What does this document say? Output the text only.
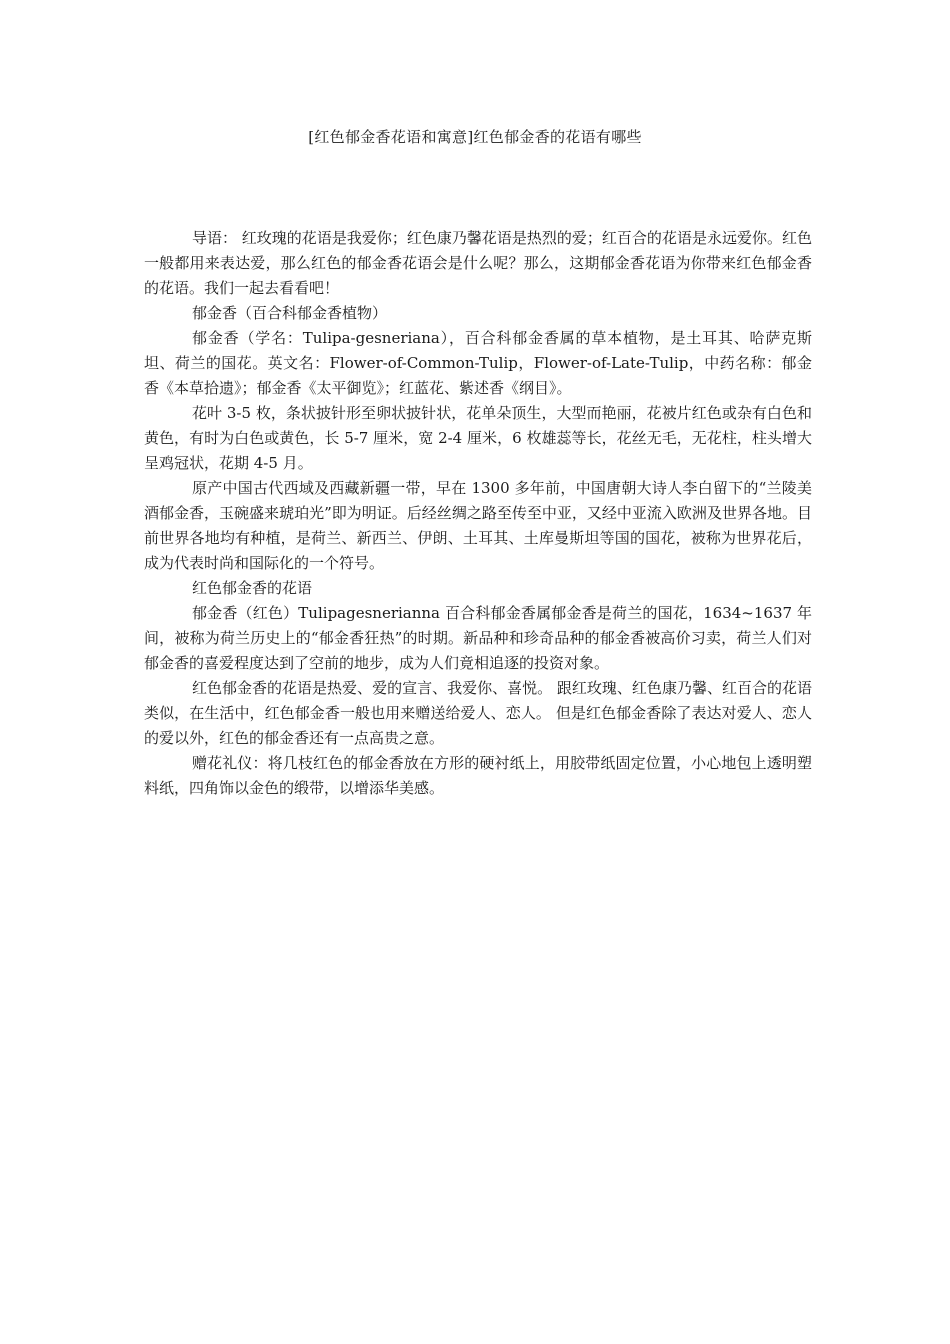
[红色郁金香花语和寓意]红色郁金香的花语有哪些

导语： 红玫瑰的花语是我爱你；红色康乃馨花语是热烈的爱；红百合的花语是永远爱你。红色一般都用来表达爱，那么红色的郁金香花语会是什么呢？那么，这期郁金香花语为你带来红色郁金香的花语。我们一起去看看吧！

郁金香（百合科郁金香植物）

郁金香（学名：Tulipa-gesneriana），百合科郁金香属的草本植物，是土耳其、哈萨克斯坦、荷兰的国花。英文名：Flower-of-Common-Tulip，Flower-of-Late-Tulip，中药名称：郁金香《本草拾遗》；郁金香《太平御览》；红蓝花、紫述香《纲目》。

花叶 3-5 枚，条状披针形至卵状披针状，花单朵顶生，大型而艳丽，花被片红色或杂有白色和黄色，有时为白色或黄色，长 5-7 厘米，宽 2-4 厘米，6 枚雄蕊等长，花丝无毛，无花柱，柱头增大呈鸡冠状，花期 4-5 月。

原产中国古代西域及西藏新疆一带，早在 1300 多年前，中国唐朝大诗人李白留下的“兰陵美酒郁金香，玉碗盛来琥珀光”即为明证。后经丝绸之路至传至中亚，又经中亚流入欧洲及世界各地。目前世界各地均有种植，是荷兰、新西兰、伊朗、土耳其、土库曼斯坦等国的国花，被称为世界花后，成为代表时尚和国际化的一个符号。

红色郁金香的花语

郁金香（红色）Tulipagesnerianna 百合科郁金香属郁金香是荷兰的国花，1634~1637 年间，被称为荷兰历史上的“郁金香狂热”的时期。新品种和珍奇品种的郁金香被高价习卖，荷兰人们对郁金香的喜爱程度达到了空前的地步，成为人们竟相追逐的投资对象。

红色郁金香的花语是热爱、爱的宣言、我爱你、喜悦。 跟红玫瑰、红色康乃馨、红百合的花语类似，在生活中，红色郁金香一般也用来赠送给爱人、恋人。 但是红色郁金香除了表达对爱人、恋人的爱以外，红色的郁金香还有一点高贵之意。

赠花礼仪：将几枝红色的郁金香放在方形的硬衬纸上，用胶带纸固定位置，小心地包上透明塑料纸，四角饰以金色的缎带，以增添华美感。
